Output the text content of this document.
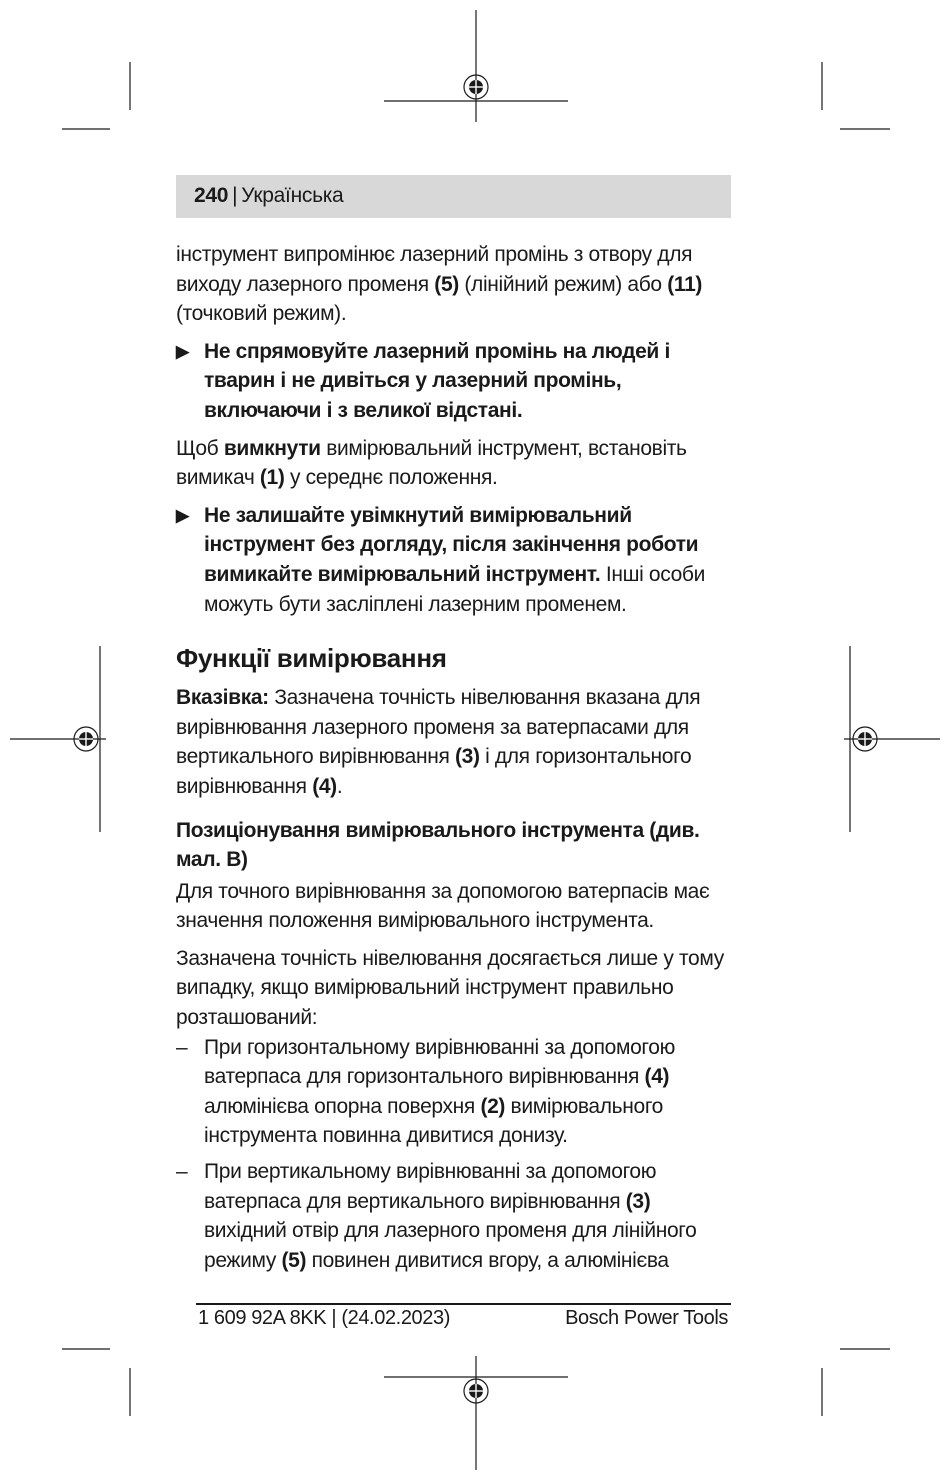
240 | Українська

інструмент випромінює лазерний промінь з отвору для виходу лазерного променя (5) (лінійний режим) або (11) (точковий режим).

▶ Не спрямовуйте лазерний промінь на людей і тварин і не дивіться у лазерний промінь, включаючи і з великої відстані.

Щоб вимкнути вимірювальний інструмент, встановіть вимикач (1) у середнє положення.

▶ Не залишайте увімкнутий вимірювальний інструмент без догляду, після закінчення роботи вимикайте вимірювальний інструмент. Інші особи можуть бути засліплені лазерним променем.
Функції вимірювання

Вказівка: Зазначена точність нівелювання вказана для вирівнювання лазерного променя за ватерпасами для вертикального вирівнювання (3) і для горизонтального вирівнювання (4).

Позиціонування вимірювального інструмента (див. мал. B)

Для точного вирівнювання за допомогою ватерпасів має значення положення вимірювального інструмента.

Зазначена точність нівелювання досягається лише у тому випадку, якщо вимірювальний інструмент правильно розташований:

– При горизонтальному вирівнюванні за допомогою ватерпаса для горизонтального вирівнювання (4) алюмінієва опорна поверхня (2) вимірювального інструмента повинна дивитися донизу.
– При вертикальному вирівнюванні за допомогою ватерпаса для вертикального вирівнювання (3) вихідний отвір для лазерного променя для лінійного режиму (5) повинен дивитися вгору, а алюмінієва
1 609 92A 8KK | (24.02.2023)	Bosch Power Tools
